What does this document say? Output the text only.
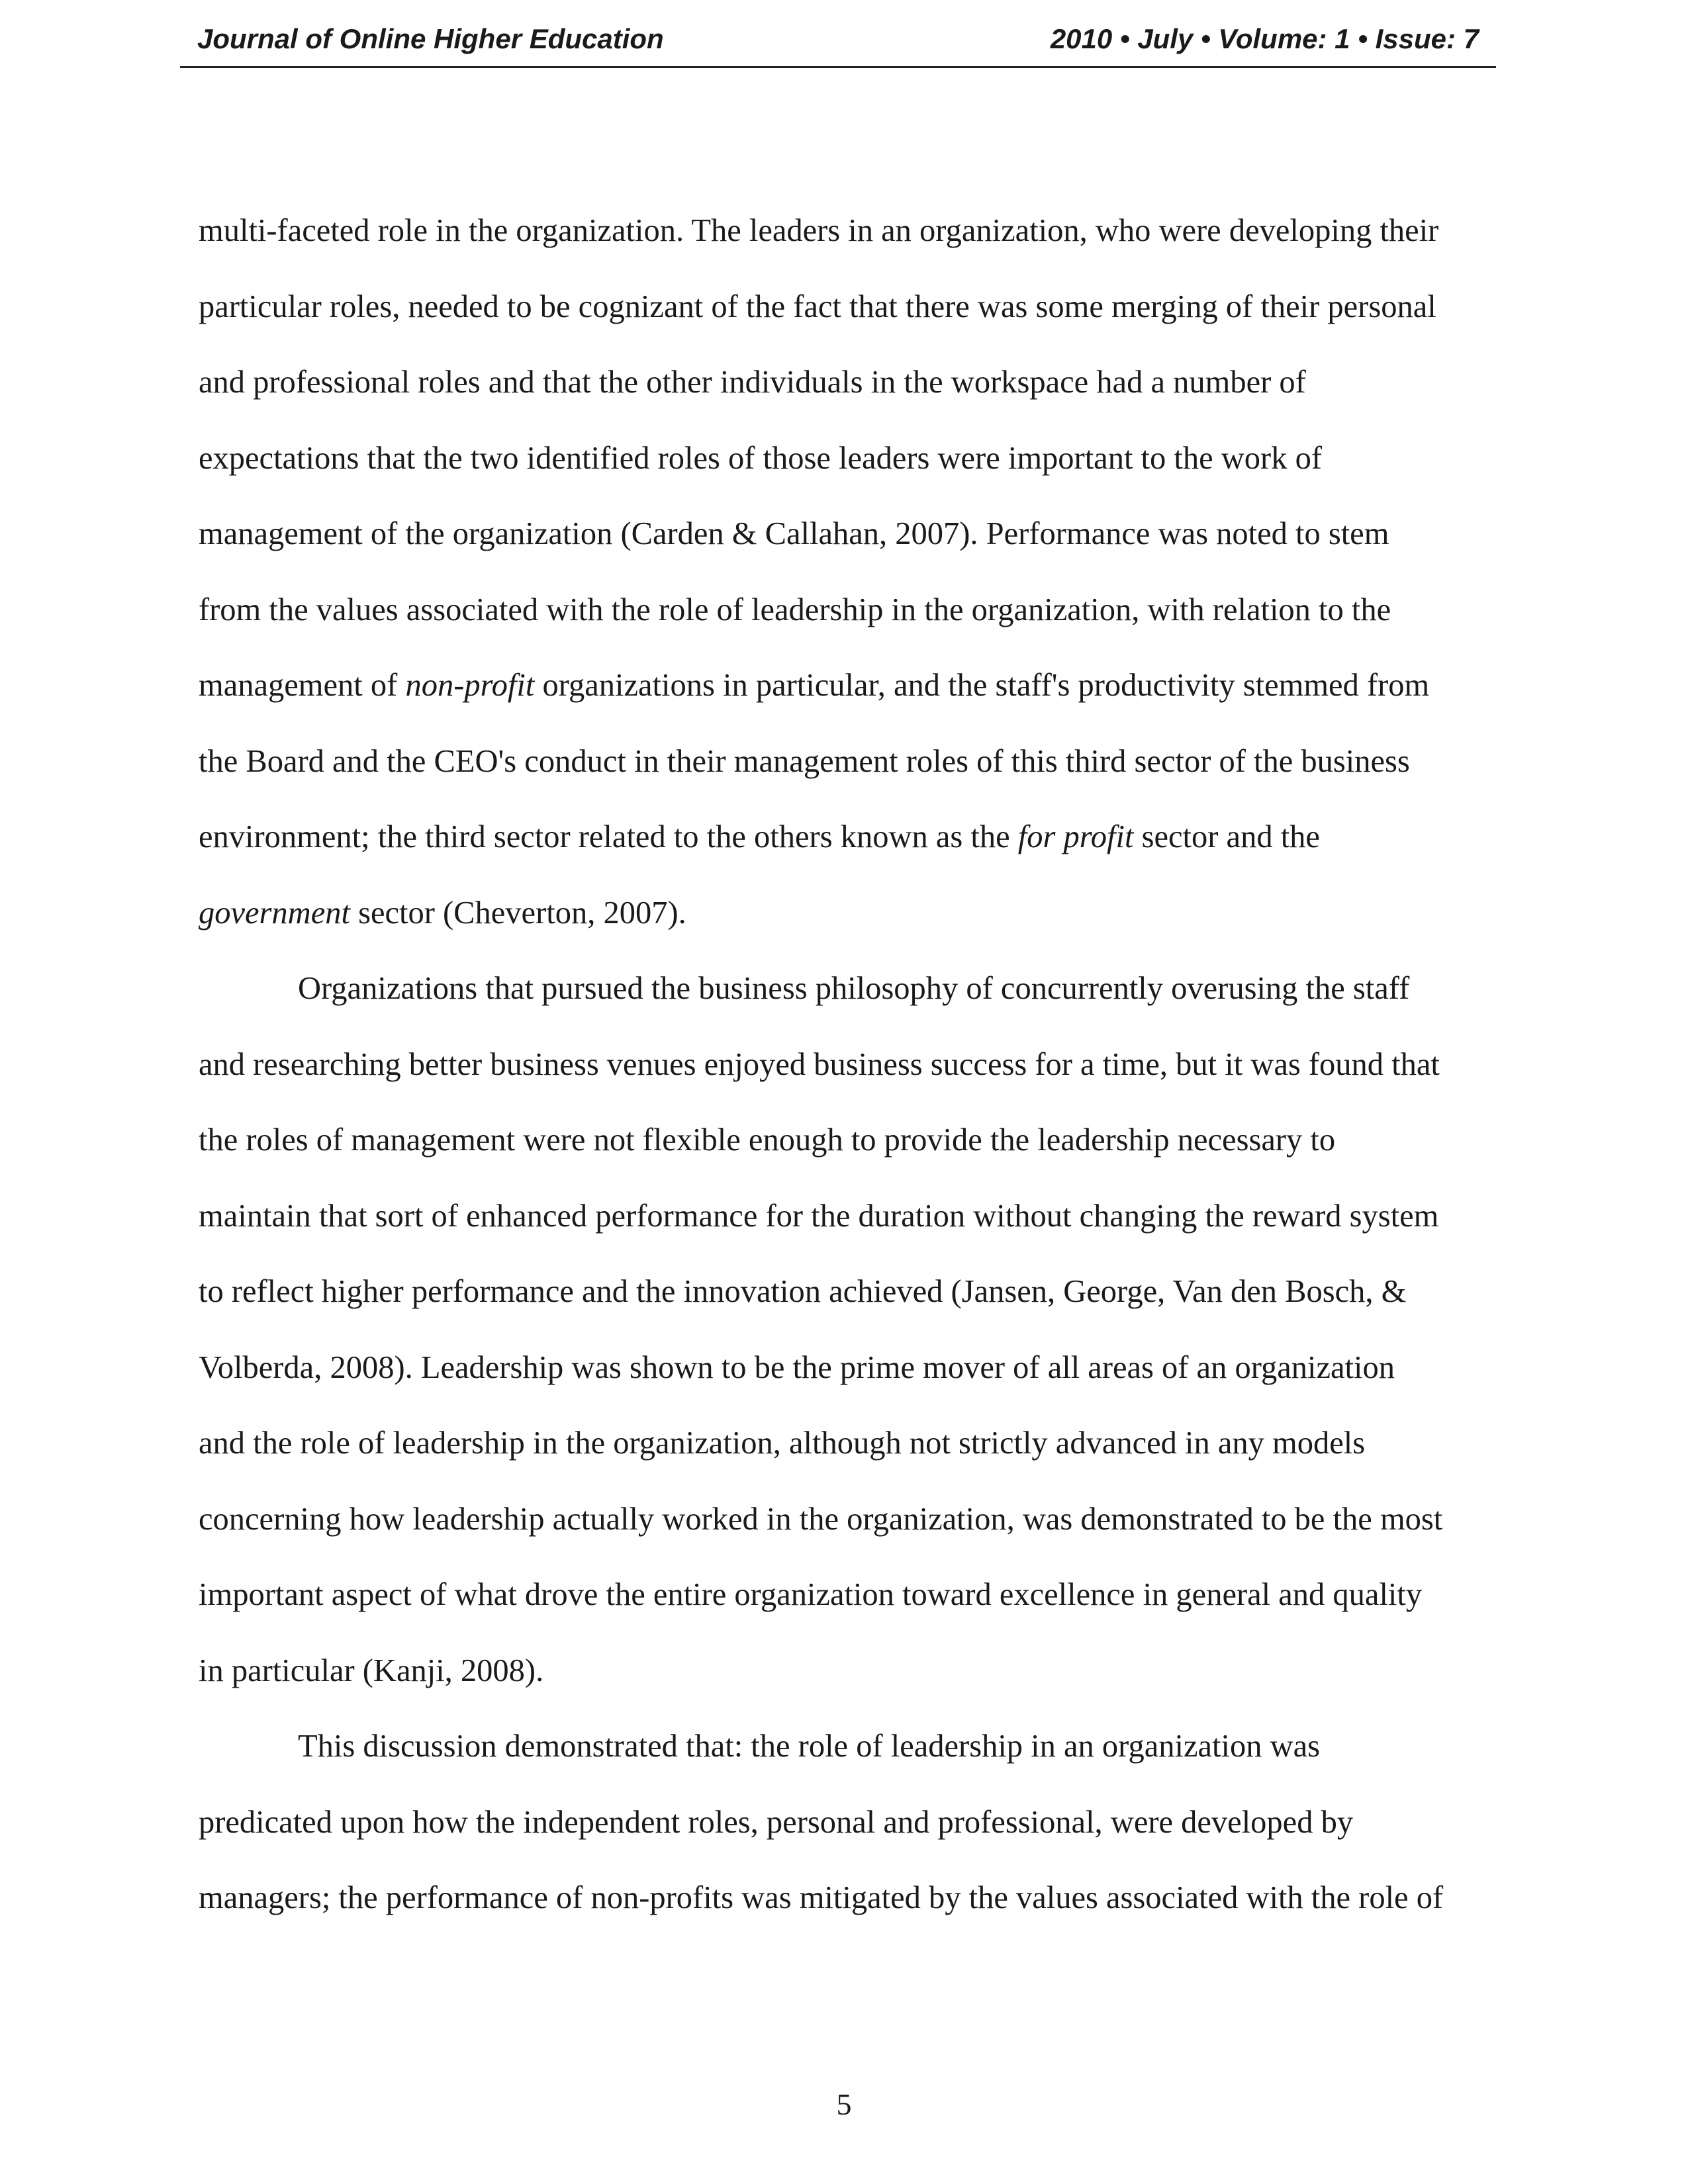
Journal of Online Higher Education	2010 • July • Volume: 1 • Issue: 7

multi-faceted role in the organization. The leaders in an organization, who were developing their
particular roles, needed to be cognizant of the fact that there was some merging of their personal
and professional roles and that the other individuals in the workspace had a number of
expectations that the two identified roles of those leaders were important to the work of
management of the organization (Carden & Callahan, 2007). Performance was noted to stem
from the values associated with the role of leadership in the organization, with relation to the
management of non-profit organizations in particular, and the staff's productivity stemmed from
the Board and the CEO's conduct in their management roles of this third sector of the business
environment; the third sector related to the others known as the for profit sector and the
government sector (Cheverton, 2007).

Organizations that pursued the business philosophy of concurrently overusing the staff
and researching better business venues enjoyed business success for a time, but it was found that
the roles of management were not flexible enough to provide the leadership necessary to
maintain that sort of enhanced performance for the duration without changing the reward system
to reflect higher performance and the innovation achieved (Jansen, George, Van den Bosch, &
Volberda, 2008). Leadership was shown to be the prime mover of all areas of an organization
and the role of leadership in the organization, although not strictly advanced in any models
concerning how leadership actually worked in the organization, was demonstrated to be the most
important aspect of what drove the entire organization toward excellence in general and quality
in particular (Kanji, 2008).

This discussion demonstrated that: the role of leadership in an organization was
predicated upon how the independent roles, personal and professional, were developed by
managers; the performance of non-profits was mitigated by the values associated with the role of

5
